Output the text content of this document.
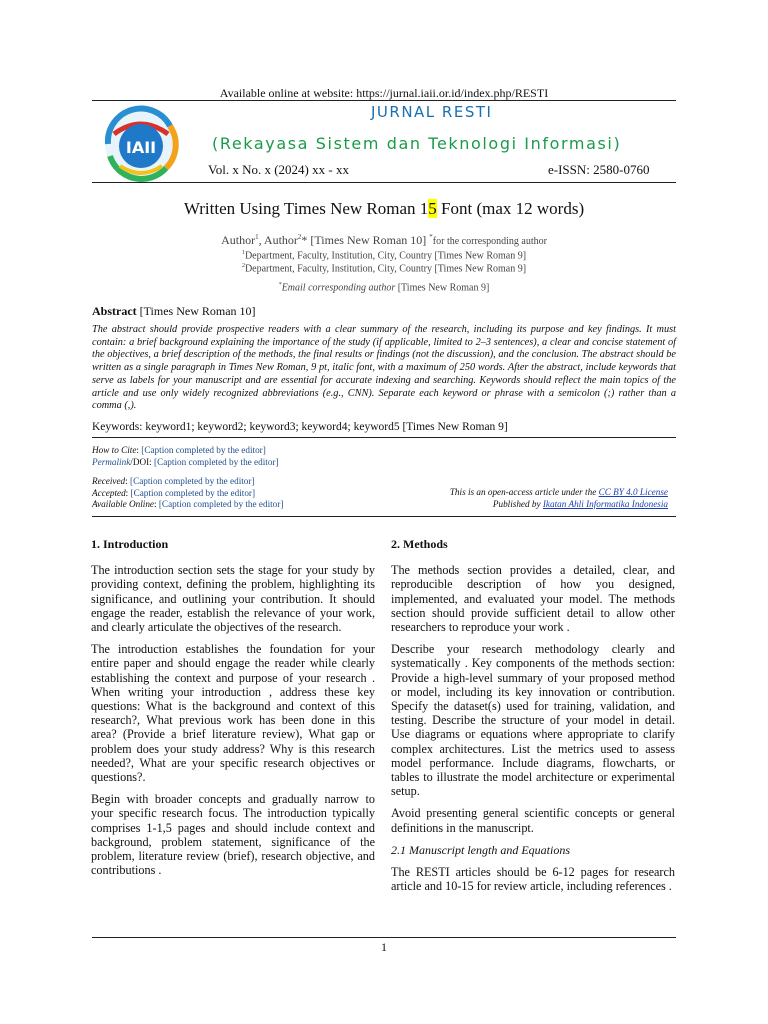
Available online at website: https://jurnal.iaii.or.id/index.php/RESTI
IAII
JURNAL RESTI
(Rekayasa Sistem dan Teknologi Informasi)
Vol. x No. x (2024) xx - xx	e-ISSN: 2580-0760
Written Using Times New Roman 15 Font (max 12 words)
Author$^1$, Author$^2$* [Times New Roman 10] *for the corresponding author
$^1$Department, Faculty, Institution, City, Country [Times New Roman 9]
$^2$Department, Faculty, Institution, City, Country [Times New Roman 9]
*Email corresponding author [Times New Roman 9]
Abstract [Times New Roman 10]
The abstract should provide prospective readers with a clear summary of the research, including its purpose and key findings. It must contain: a brief background explaining the importance of the study (if applicable, limited to 2–3 sentences), a clear and concise statement of the objectives, a brief description of the methods, the final results or findings (not the discussion), and the conclusion. The abstract should be written as a single paragraph in Times New Roman, 9 pt, italic font, with a maximum of 250 words. After the abstract, include keywords that serve as labels for your manuscript and are essential for accurate indexing and searching. Keywords should reflect the main topics of the article and use only widely recognized abbreviations (e.g., CNN). Separate each keyword or phrase with a semicolon (;) rather than a comma (,).
Keywords: keyword1; keyword2; keyword3; keyword4; keyword5 [Times New Roman 9]
How to Cite: [Caption completed by the editor]
Permalink/DOI: [Caption completed by the editor]
Received: [Caption completed by the editor]
Accepted: [Caption completed by the editor]
Available Online: [Caption completed by the editor]
This is an open-access article under the CC BY 4.0 License
Published by Ikatan Ahli Informatika Indonesia
1. Introduction

The introduction section sets the stage for your study by providing context, defining the problem, highlighting its significance, and outlining your contribution. It should engage the reader, establish the relevance of your work, and clearly articulate the objectives of the research.

The introduction establishes the foundation for your entire paper and should engage the reader while clearly establishing the context and purpose of your research . When writing your introduction , address these key questions: What is the background and context of this research?, What previous work has been done in this area? (Provide a brief literature review), What gap or problem does your study address? Why is this research needed?, What are your specific research objectives or questions?.

Begin with broader concepts and gradually narrow to your specific research focus. The introduction typically comprises 1-1,5 pages and should include context and background, problem statement, significance of the problem, literature review (brief), research objective, and contributions .

2. Methods

The methods section provides a detailed, clear, and reproducible description of how you designed, implemented, and evaluated your model. The methods section should provide sufficient detail to allow other researchers to reproduce your work .

Describe your research methodology clearly and systematically . Key components of the methods section: Provide a high-level summary of your proposed method or model, including its key innovation or contribution. Specify the dataset(s) used for training, validation, and testing. Describe the structure of your model in detail. Use diagrams or equations where appropriate to clarify complex architectures. List the metrics used to assess model performance. Include diagrams, flowcharts, or tables to illustrate the model architecture or experimental setup.

Avoid presenting general scientific concepts or general definitions in the manuscript.

2.1 Manuscript length and Equations

The RESTI articles should be 6-12 pages for research article and 10-15 for review article, including references .

1
